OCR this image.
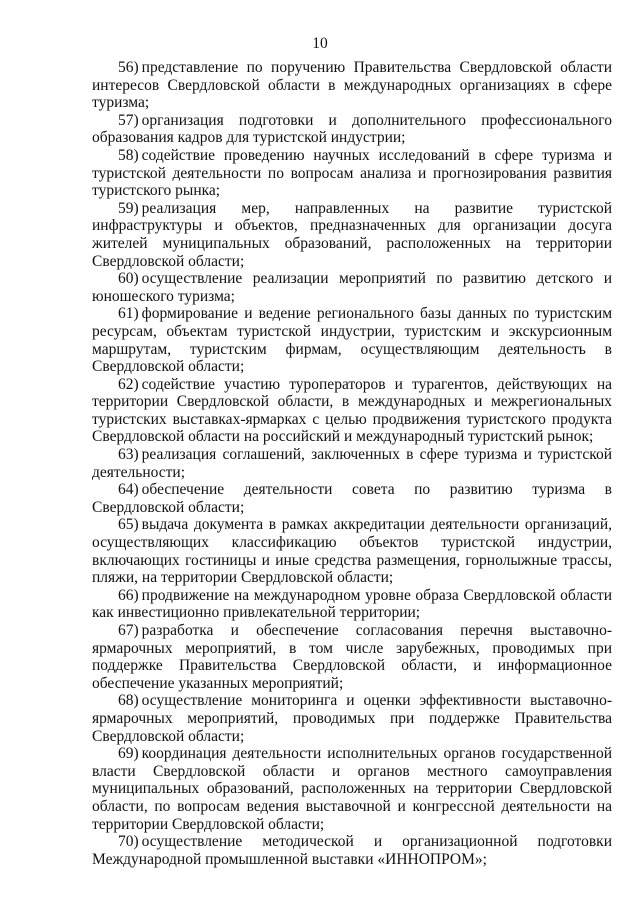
10

56) представление по поручению Правительства Свердловской области интересов Свердловской области в международных организациях в сфере туризма;

57) организация подготовки и дополнительного профессионального образования кадров для туристской индустрии;

58) содействие проведению научных исследований в сфере туризма и туристской деятельности по вопросам анализа и прогнозирования развития туристского рынка;

59) реализация мер, направленных на развитие туристской инфраструктуры и объектов, предназначенных для организации досуга жителей муниципальных образований, расположенных на территории Свердловской области;

60) осуществление реализации мероприятий по развитию детского и юношеского туризма;

61) формирование и ведение регионального базы данных по туристским ресурсам, объектам туристской индустрии, туристским и экскурсионным маршрутам, туристским фирмам, осуществляющим деятельность в Свердловской области;

62) содействие участию туроператоров и турагентов, действующих на территории Свердловской области, в международных и межрегиональных туристских выставках-ярмарках с целью продвижения туристского продукта Свердловской области на российский и международный туристский рынок;

63) реализация соглашений, заключенных в сфере туризма и туристской деятельности;

64) обеспечение деятельности совета по развитию туризма в Свердловской области;

65) выдача документа в рамках аккредитации деятельности организаций, осуществляющих классификацию объектов туристской индустрии, включающих гостиницы и иные средства размещения, горнолыжные трассы, пляжи, на территории Свердловской области;

66) продвижение на международном уровне образа Свердловской области как инвестиционно привлекательной территории;

67) разработка и обеспечение согласования перечня выставочно-ярмарочных мероприятий, в том числе зарубежных, проводимых при поддержке Правительства Свердловской области, и информационное обеспечение указанных мероприятий;

68) осуществление мониторинга и оценки эффективности выставочно-ярмарочных мероприятий, проводимых при поддержке Правительства Свердловской области;

69) координация деятельности исполнительных органов государственной власти Свердловской области и органов местного самоуправления муниципальных образований, расположенных на территории Свердловской области, по вопросам ведения выставочной и конгрессной деятельности на территории Свердловской области;

70) осуществление методической и организационной подготовки Международной промышленной выставки «ИННОПРОМ»;
